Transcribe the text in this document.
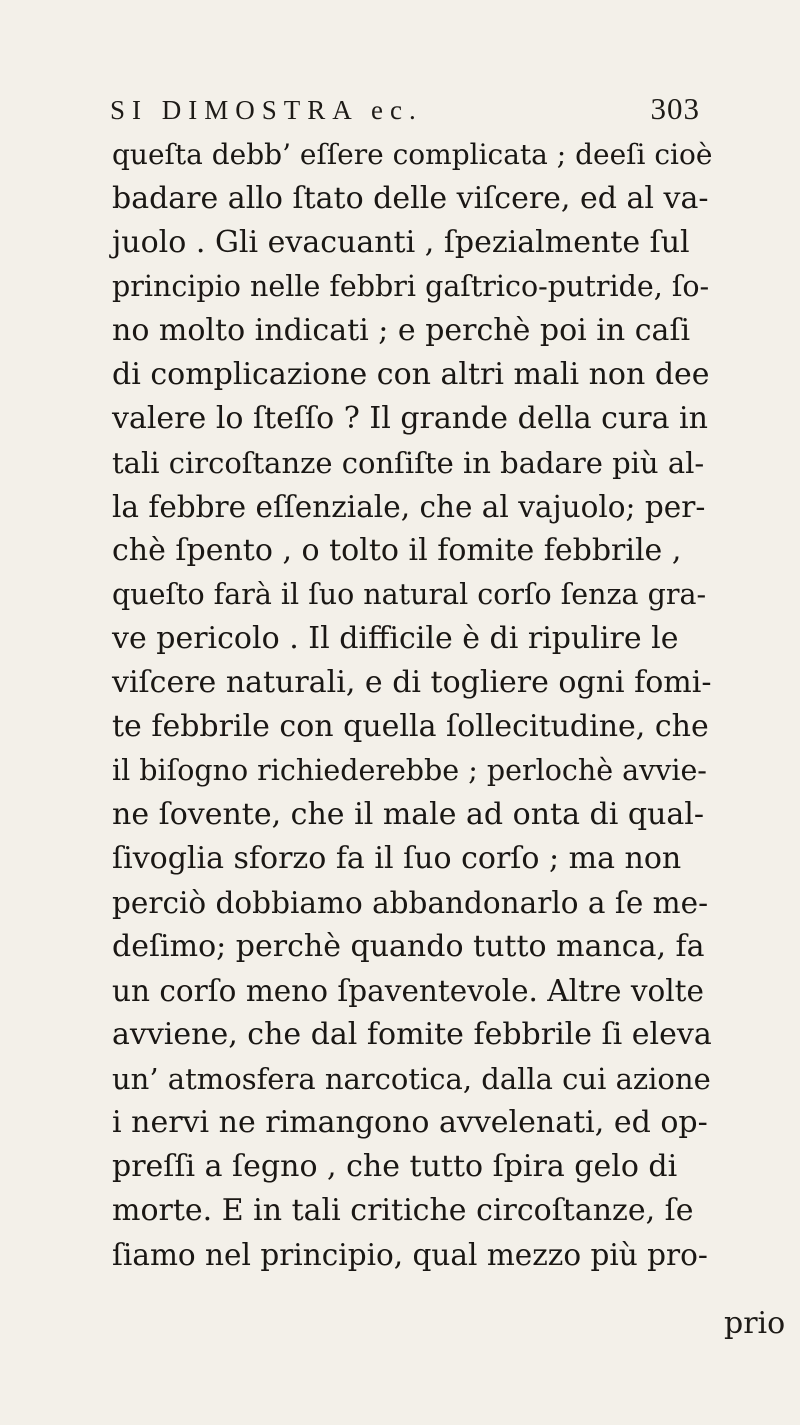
SI DIMOSTRA ec.	303
queſta debb’ eſſere complicata ; deeſi cioè
badare allo ſtato delle viſcere, ed al va-
juolo . Gli evacuanti , ſpezialmente ſul
principio nelle febbri gaſtrico-putride, ſo-
no molto indicati ; e perchè poi in caſi
di complicazione con altri mali non dee
valere lo ſteſſo ? Il grande della cura in
tali circoſtanze conſiſte in badare più al-
la febbre eſſenziale, che al vajuolo; per-
chè ſpento , o tolto il fomite febbrile ,
queſto farà il ſuo natural corſo ſenza gra-
ve pericolo . Il difficile è di ripulire le
viſcere naturali, e di togliere ogni fomi-
te febbrile con quella ſollecitudine, che
il biſogno richiederebbe ; perlochè avvie-
ne ſovente, che il male ad onta di qual-
ſivoglia sforzo fa il ſuo corſo ; ma non
perciò dobbiamo abbandonarlo a ſe me-
deſimo; perchè quando tutto manca, fa
un corſo meno ſpaventevole. Altre volte
avviene, che dal fomite febbrile ſi eleva
un’ atmosfera narcotica, dalla cui azione
i nervi ne rimangono avvelenati, ed op-
preſſi a ſegno , che tutto ſpira gelo di
morte. E in tali critiche circoſtanze, ſe
ſiamo nel principio, qual mezzo più pro-
prio
